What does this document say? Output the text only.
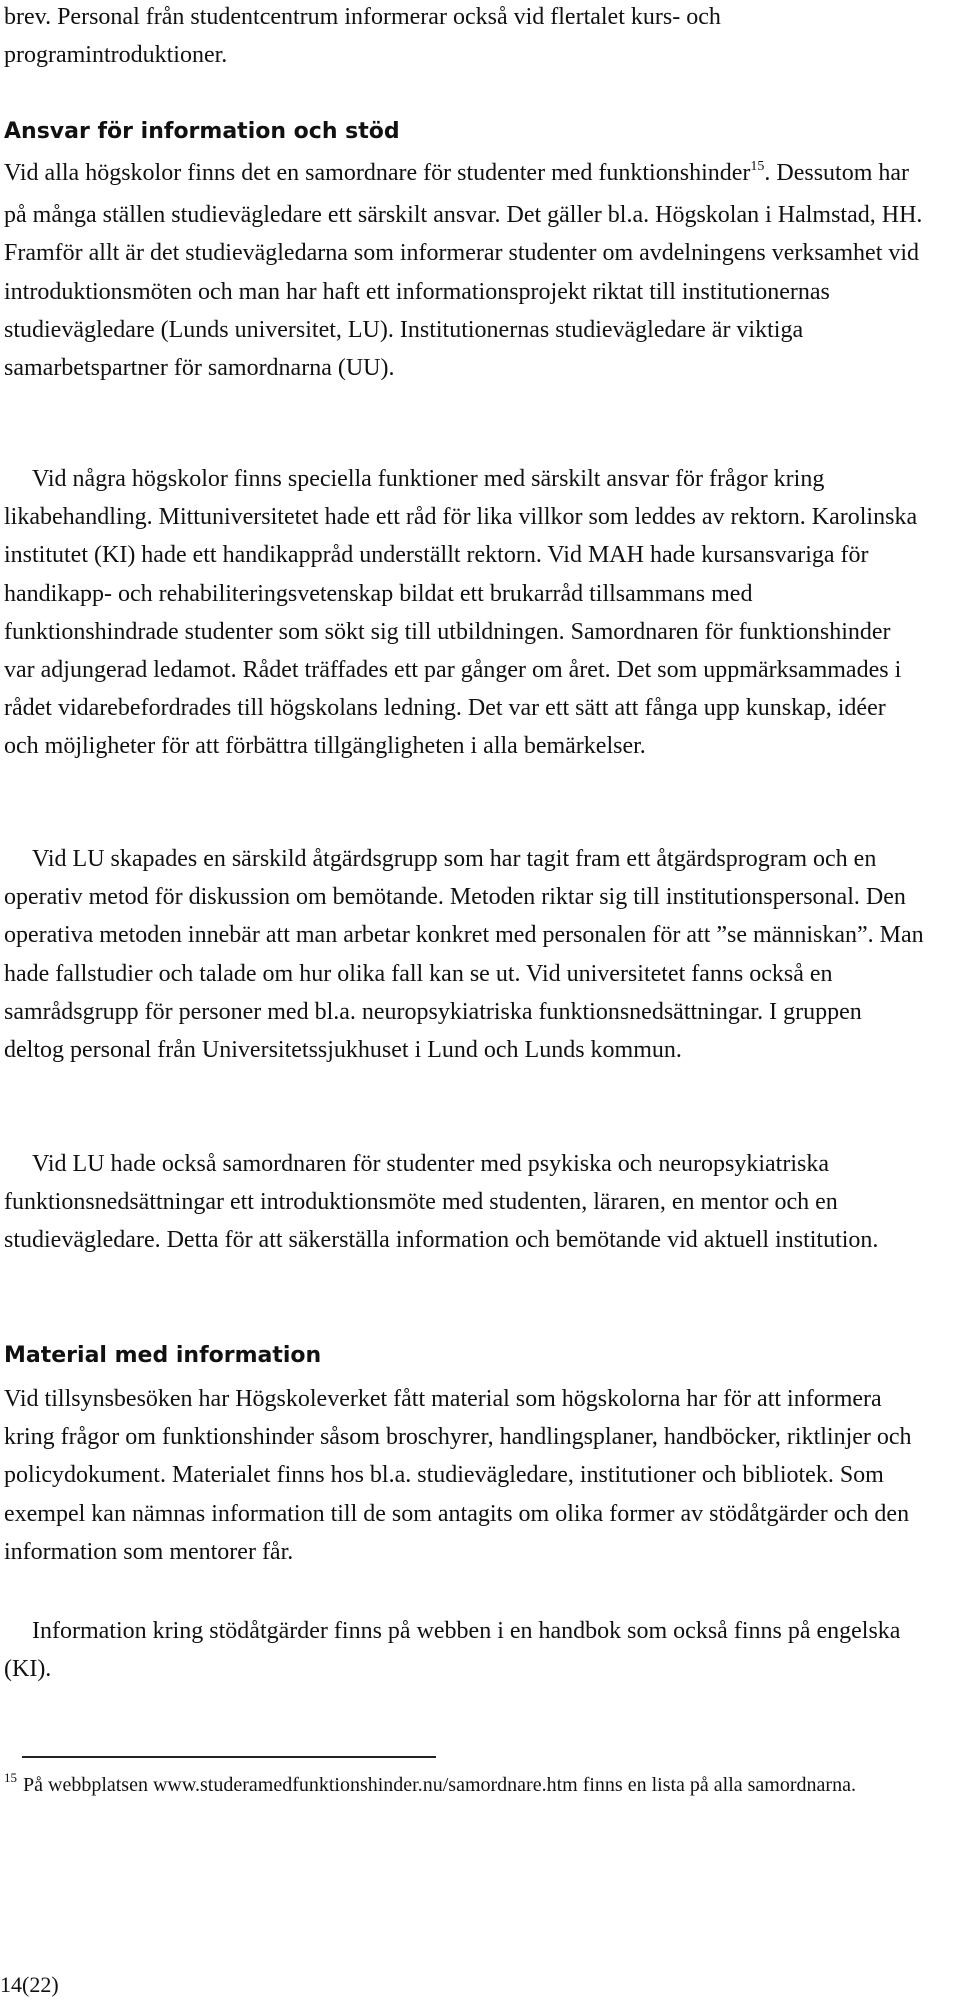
brev. Personal från studentcentrum informerar också vid flertalet kurs- och programintroduktioner.

Ansvar för information och stöd

Vid alla högskolor finns det en samordnare för studenter med funktionshinder$^{15}$. Dessutom har på många ställen studievägledare ett särskilt ansvar. Det gäller bl.a. Högskolan i Halmstad, HH. Framför allt är det studievägledarna som informerar studenter om avdelningens verksamhet vid introduktionsmöten och man har haft ett informationsprojekt riktat till institutionernas studievägledare (Lunds universitet, LU). Institutionernas studievägledare är viktiga samarbetspartner för samordnarna (UU).

Vid några högskolor finns speciella funktioner med särskilt ansvar för frågor kring likabehandling. Mittuniversitetet hade ett råd för lika villkor som leddes av rektorn. Karolinska institutet (KI) hade ett handikappråd underställt rektorn. Vid MAH hade kursansvariga för handikapp- och rehabiliteringsvetenskap bildat ett brukarråd tillsammans med funktionshindrade studenter som sökt sig till utbildningen. Samordnaren för funktionshinder var adjungerad ledamot. Rådet träffades ett par gånger om året. Det som uppmärksammades i rådet vidarebefordrades till högskolans ledning. Det var ett sätt att fånga upp kunskap, idéer och möjligheter för att förbättra tillgängligheten i alla bemärkelser.

Vid LU skapades en särskild åtgärdsgrupp som har tagit fram ett åtgärdsprogram och en operativ metod för diskussion om bemötande. Metoden riktar sig till institutionspersonal. Den operativa metoden innebär att man arbetar konkret med personalen för att ”se människan”. Man hade fallstudier och talade om hur olika fall kan se ut. Vid universitetet fanns också en samrådsgrupp för personer med bl.a. neuropsykiatriska funktionsnedsättningar. I gruppen deltog personal från Universitetssjukhuset i Lund och Lunds kommun.

Vid LU hade också samordnaren för studenter med psykiska och neuropsykiatriska funktionsnedsättningar ett introduktionsmöte med studenten, läraren, en mentor och en studievägledare. Detta för att säkerställa information och bemötande vid aktuell institution.

Material med information

Vid tillsynsbesöken har Högskoleverket fått material som högskolorna har för att informera kring frågor om funktionshinder såsom broschyrer, handlingsplaner, handböcker, riktlinjer och policydokument. Materialet finns hos bl.a. studievägledare, institutioner och bibliotek. Som exempel kan nämnas information till de som antagits om olika former av stödåtgärder och den information som mentorer får.

Information kring stödåtgärder finns på webben i en handbok som också finns på engelska (KI).

$^{15}$ På webbplatsen www.studeramedfunktionshinder.nu/samordnare.htm finns en lista på alla samordnarna.

14(22)
